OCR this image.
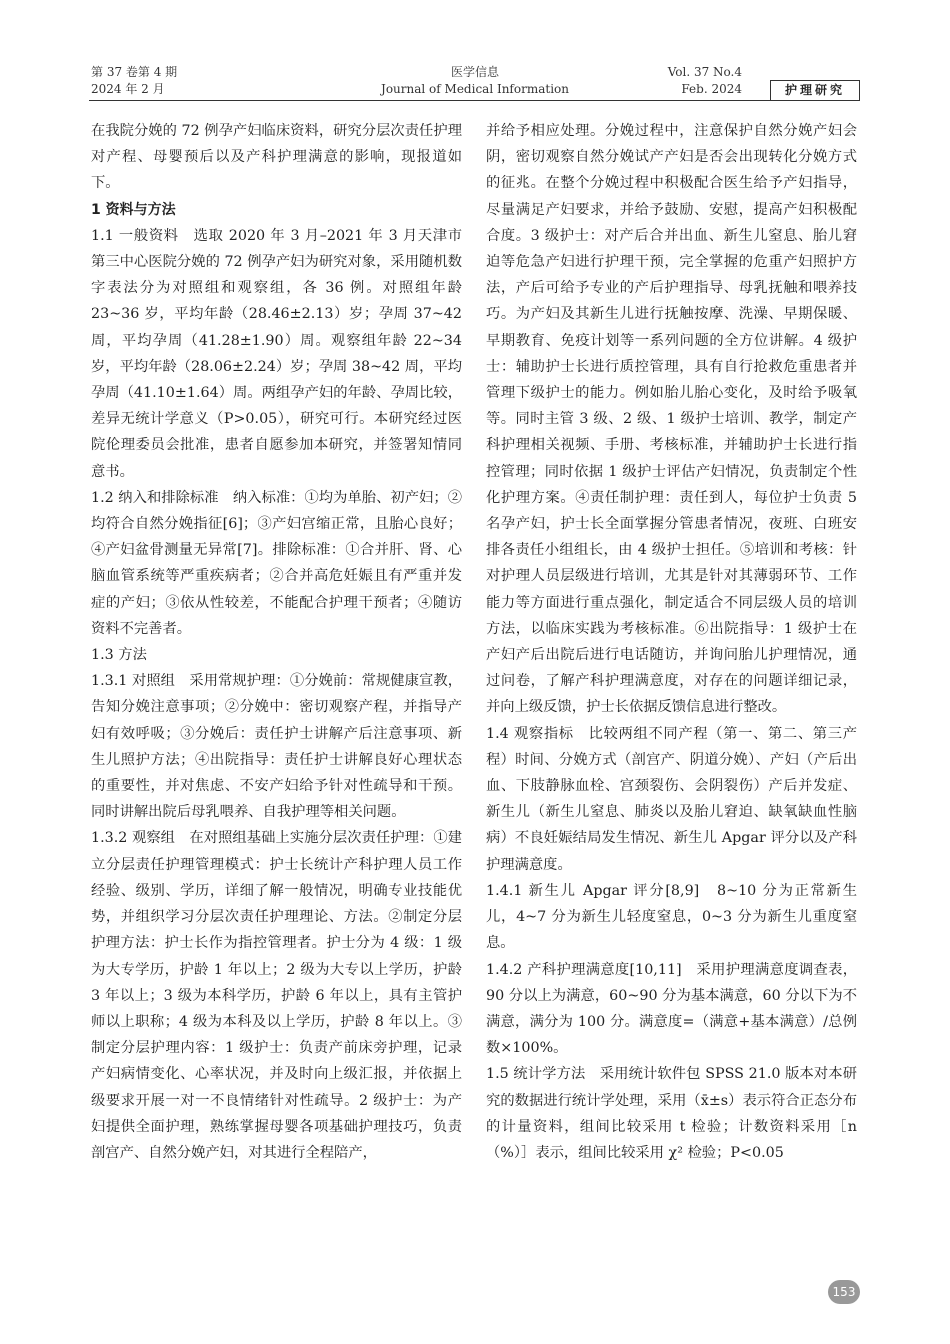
第 37 卷第 4 期
2024 年 2 月
医学信息
Journal of Medical Information
Vol. 37 No.4
Feb. 2024	护理研究

在我院分娩的 72 例孕产妇临床资料，研究分层次责任护理对产程、母婴预后以及产科护理满意的影响，现报道如下。

1 资料与方法

1.1 一般资料　选取 2020 年 3 月–2021 年 3 月天津市第三中心医院分娩的 72 例孕产妇为研究对象，采用随机数字表法分为对照组和观察组，各 36 例。对照组年龄 23~36 岁，平均年龄（28.46±2.13）岁；孕周 37~42 周，平均孕周（41.28±1.90）周。观察组年龄 22~34 岁，平均年龄（28.06±2.24）岁；孕周 38~42 周，平均孕周（41.10±1.64）周。两组孕产妇的年龄、孕周比较，差异无统计学意义（P>0.05），研究可行。本研究经过医院伦理委员会批准，患者自愿参加本研究，并签署知情同意书。

1.2 纳入和排除标准　纳入标准：①均为单胎、初产妇；②均符合自然分娩指征[6]；③产妇宫缩正常，且胎心良好；④产妇盆骨测量无异常[7]。排除标准：①合并肝、肾、心脑血管系统等严重疾病者；②合并高危妊娠且有严重并发症的产妇；③依从性较差，不能配合护理干预者；④随访资料不完善者。

1.3 方法

1.3.1 对照组　采用常规护理：①分娩前：常规健康宣教，告知分娩注意事项；②分娩中：密切观察产程，并指导产妇有效呼吸；③分娩后：责任护士讲解产后注意事项、新生儿照护方法；④出院指导：责任护士讲解良好心理状态的重要性，并对焦虑、不安产妇给予针对性疏导和干预。同时讲解出院后母乳喂养、自我护理等相关问题。

1.3.2 观察组　在对照组基础上实施分层次责任护理：①建立分层责任护理管理模式：护士长统计产科护理人员工作经验、级别、学历，详细了解一般情况，明确专业技能优势，并组织学习分层次责任护理理论、方法。②制定分层护理方法：护士长作为指控管理者。护士分为 4 级：1 级为大专学历，护龄 1 年以上；2 级为大专以上学历，护龄 3 年以上；3 级为本科学历，护龄 6 年以上，具有主管护师以上职称；4 级为本科及以上学历，护龄 8 年以上。③制定分层护理内容：1 级护士：负责产前床旁护理，记录产妇病情变化、心率状况，并及时向上级汇报，并依据上级要求开展一对一不良情绪针对性疏导。2 级护士：为产妇提供全面护理，熟练掌握母婴各项基础护理技巧，负责剖宫产、自然分娩产妇，对其进行全程陪产，

并给予相应处理。分娩过程中，注意保护自然分娩产妇会阴，密切观察自然分娩试产产妇是否会出现转化分娩方式的征兆。在整个分娩过程中积极配合医生给予产妇指导，尽量满足产妇要求，并给予鼓励、安慰，提高产妇积极配合度。3 级护士：对产后合并出血、新生儿窒息、胎儿窘迫等危急产妇进行护理干预，完全掌握的危重产妇照护方法，产后可给予专业的产后护理指导、母乳抚触和喂养技巧。为产妇及其新生儿进行抚触按摩、洗澡、早期保暖、早期教育、免疫计划等一系列问题的全方位讲解。4 级护士：辅助护士长进行质控管理，具有自行抢救危重患者并管理下级护士的能力。例如胎儿胎心变化，及时给予吸氧等。同时主管 3 级、2 级、1 级护士培训、教学，制定产科护理相关视频、手册、考核标准，并辅助护士长进行指控管理；同时依据 1 级护士评估产妇情况，负责制定个性化护理方案。④责任制护理：责任到人，每位护士负责 5 名孕产妇，护士长全面掌握分管患者情况，夜班、白班安排各责任小组组长，由 4 级护士担任。⑤培训和考核：针对护理人员层级进行培训，尤其是针对其薄弱环节、工作能力等方面进行重点强化，制定适合不同层级人员的培训方法，以临床实践为考核标准。⑥出院指导：1 级护士在产妇产后出院后进行电话随访，并询问胎儿护理情况，通过问卷，了解产科护理满意度，对存在的问题详细记录，并向上级反馈，护士长依据反馈信息进行整改。

1.4 观察指标　比较两组不同产程（第一、第二、第三产程）时间、分娩方式（剖宫产、阴道分娩）、产妇（产后出血、下肢静脉血栓、宫颈裂伤、会阴裂伤）产后并发症、新生儿（新生儿窒息、肺炎以及胎儿窘迫、缺氧缺血性脑病）不良妊娠结局发生情况、新生儿 Apgar 评分以及产科护理满意度。

1.4.1 新生儿 Apgar 评分[8,9]　8~10 分为正常新生儿，4~7 分为新生儿轻度窒息，0~3 分为新生儿重度窒息。

1.4.2 产科护理满意度[10,11]　采用护理满意度调查表，90 分以上为满意，60~90 分为基本满意，60 分以下为不满意，满分为 100 分。满意度=（满意+基本满意）/总例数×100%。

1.5 统计学方法　采用统计软件包 SPSS 21.0 版本对本研究的数据进行统计学处理，采用（x̄±s）表示符合正态分布的计量资料，组间比较采用 t 检验；计数资料采用［n（%）］表示，组间比较采用 χ² 检验；P<0.05

153
